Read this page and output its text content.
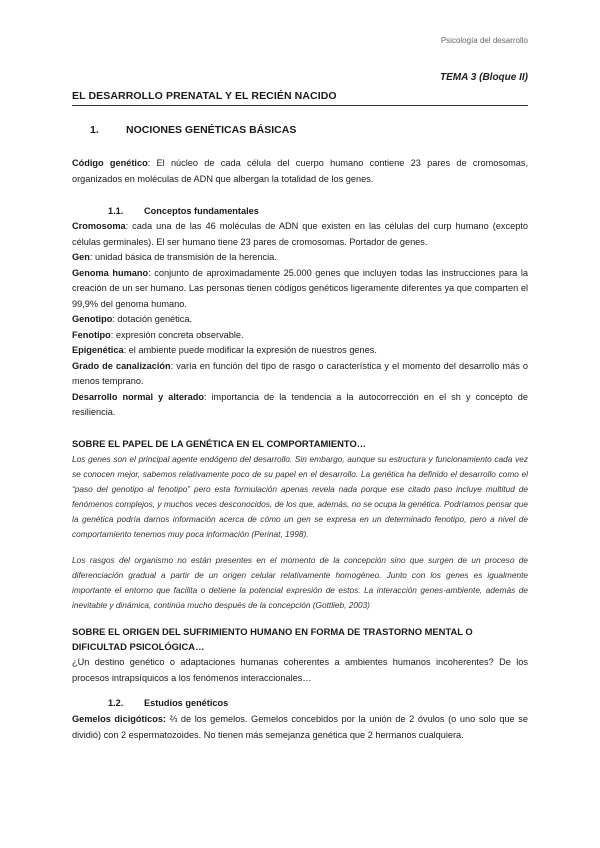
Psicología del desarrollo
TEMA 3 (Bloque II)
EL DESARROLLO PRENATAL Y EL RECIÉN NACIDO
1.	NOCIONES GENÉTICAS BÁSICAS
Código genético: El núcleo de cada célula del cuerpo humano contiene 23 pares de cromosomas, organizados en moléculas de ADN que albergan la totalidad de los genes.
1.1. Conceptos fundamentales

Cromosoma: cada una de las 46 moléculas de ADN que existen en las células del curp humano (excepto células germinales). El ser humano tiene 23 pares de cromosomas. Portador de genes.

Gen: unidad básica de transmisión de la herencia.

Genoma humano: conjunto de aproximadamente 25.000 genes que incluyen todas las instrucciones para la creación de un ser humano. Las personas tienen códigos genéticos ligeramente diferentes ya que comparten el 99,9% del genoma humano.

Genotipo: dotación genética.

Fenotipo: expresión concreta observable.

Epigenética: el ambiente puede modificar la expresión de nuestros genes.

Grado de canalización: varía en función del tipo de rasgo o característica y el momento del desarrollo más o menos temprano.

Desarrollo normal y alterado: importancia de la tendencia a la autocorrección en el sh y concepto de resiliencia.

SOBRE EL PAPEL DE LA GENÉTICA EN EL COMPORTAMIENTO…
Los genes son el principal agente endógeno del desarrollo. Sin embargo, aunque su estructura y funcionamiento cada vez se conocen mejor, sabemos relativamente poco de su papel en el desarrollo. La genética ha definido el desarrollo como el “paso del genotipo al fenotipo” pero esta formulación apenas revela nada porque ese citado paso incluye multitud de fenómenos complejos, y muchos veces desconocidos, de los que, además, no se ocupa la genética. Podríamos pensar que la genética podría darnos información acerca de cómo un gen se expresa en un determinado fenotipo, pero a nivel de comportamiento tenemos muy poca información (Perinat, 1998).
Los rasgos del organismo no están presentes en el momento de la concepción sino que surgen de un proceso de diferenciación gradual a partir de un origen celular relativamente homogéneo. Junto con los genes es igualmente importante el entorno que facilita o detiene la potencial expresión de estos. La interacción genes-ambiente, además de inevitable y dinámica, continúa mucho después de la concepción (Gottlieb, 2003)
SOBRE EL ORIGEN DEL SUFRIMIENTO HUMANO EN FORMA DE TRASTORNO MENTAL O DIFICULTAD PSICOLÓGICA…
¿Un destino genético o adaptaciones humanas coherentes a ambientes humanos incoherentes? De los procesos intrapsíquicos a los fenómenos interaccionales…
1.2. Estudios genéticos
Gemelos dicigóticos: ⅔ de los gemelos. Gemelos concebidos por la unión de 2 óvulos (o uno solo que se dividió) con 2 espermatozoides. No tienen más semejanza genética que 2 hermanos cualquiera.
